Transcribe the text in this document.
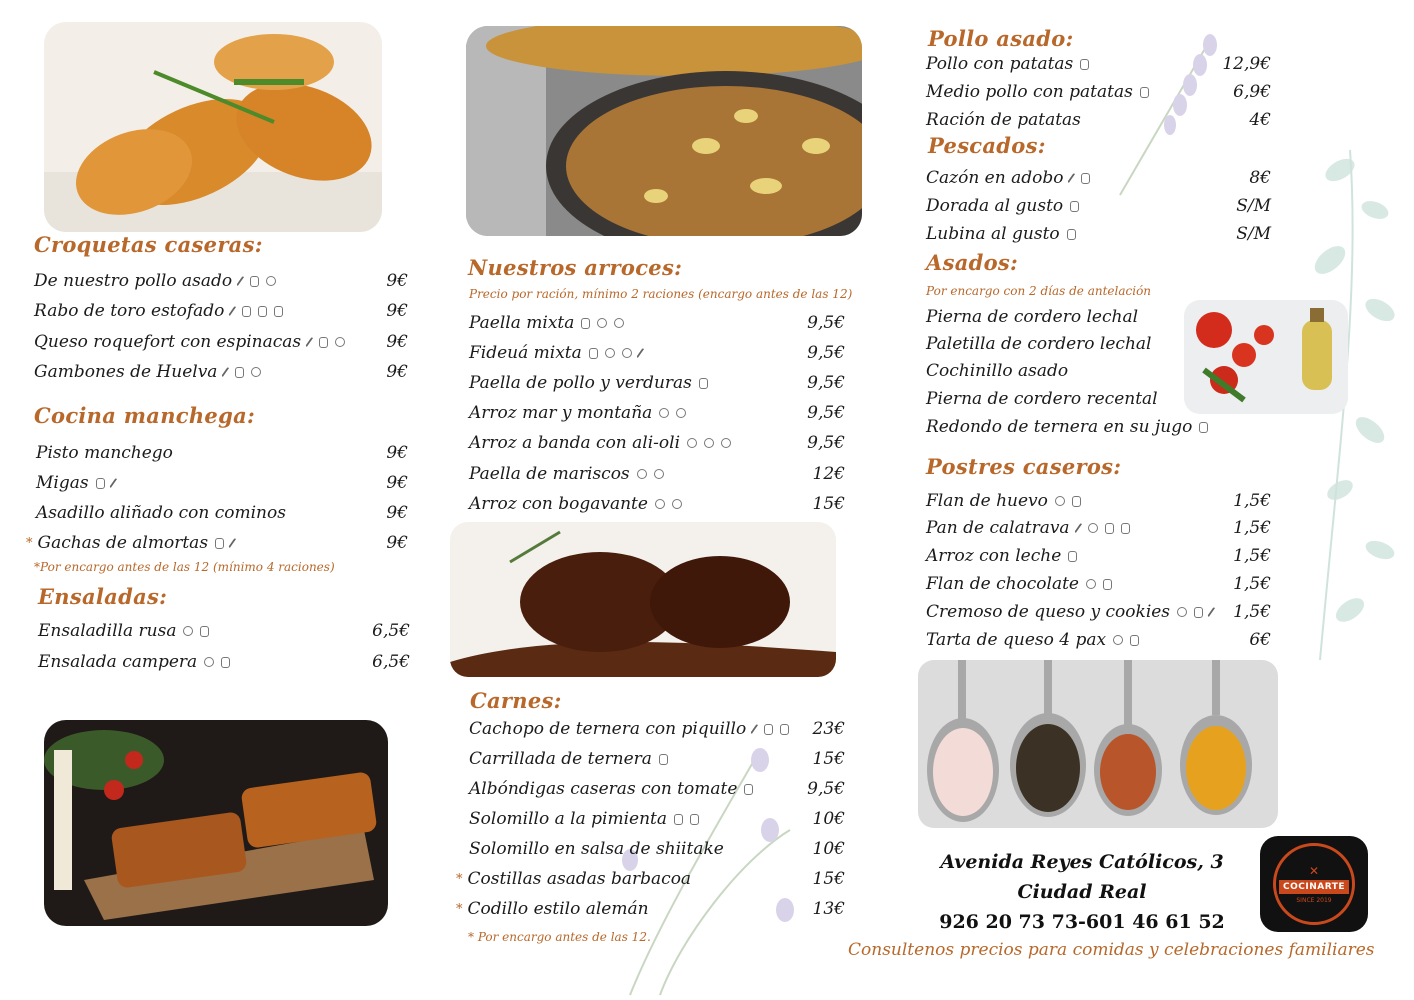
Croquetas caseras:
De nuestro pollo asado	9€
Rabo de toro estofado	9€
Queso roquefort con espinacas	9€
Gambones de Huelva	9€
Cocina manchega:
Pisto manchego	9€
Migas	9€
Asadillo aliñado con cominos	9€
* Gachas de almortas	9€
*Por encargo antes de las 12 (mínimo 4 raciones)
Ensaladas:
Ensaladilla rusa	6,5€
Ensalada campera	6,5€
Nuestros arroces:
Precio por ración, mínimo 2 raciones (encargo antes de las 12)
Paella mixta	9,5€
Fideuá mixta	9,5€
Paella de pollo y verduras	9,5€
Arroz mar y montaña	9,5€
Arroz a banda con ali-oli	9,5€
Paella de mariscos	12€
Arroz con bogavante	15€
Carnes:
Cachopo de ternera con piquillo	23€
Carrillada de ternera	15€
Albóndigas caseras con tomate	9,5€
Solomillo a la pimienta	10€
Solomillo en salsa de shiitake	10€
* Costillas asadas barbacoa	15€
* Codillo estilo alemán	13€
* Por encargo antes de las 12.
Pollo asado:
Pollo con patatas	12,9€
Medio pollo con patatas	6,9€
Ración de patatas	4€
Pescados:
Cazón en adobo	8€
Dorada al gusto	S/M
Lubina al gusto	S/M
Asados:
Por encargo con 2 días de antelación
Pierna de cordero lechal
Paletilla de cordero lechal
Cochinillo asado
Pierna de cordero recental
Redondo de ternera en su jugo
Postres caseros:
Flan de huevo	1,5€
Pan de calatrava	1,5€
Arroz con leche	1,5€
Flan de chocolate	1,5€
Cremoso de queso y cookies	1,5€
Tarta de queso 4 pax	6€
Avenida Reyes Católicos, 3
Ciudad Real
926 20 73 73-601 46 61 52
Consultenos precios para comidas y celebraciones familiares
✕
COCINARTE
SINCE 2019
